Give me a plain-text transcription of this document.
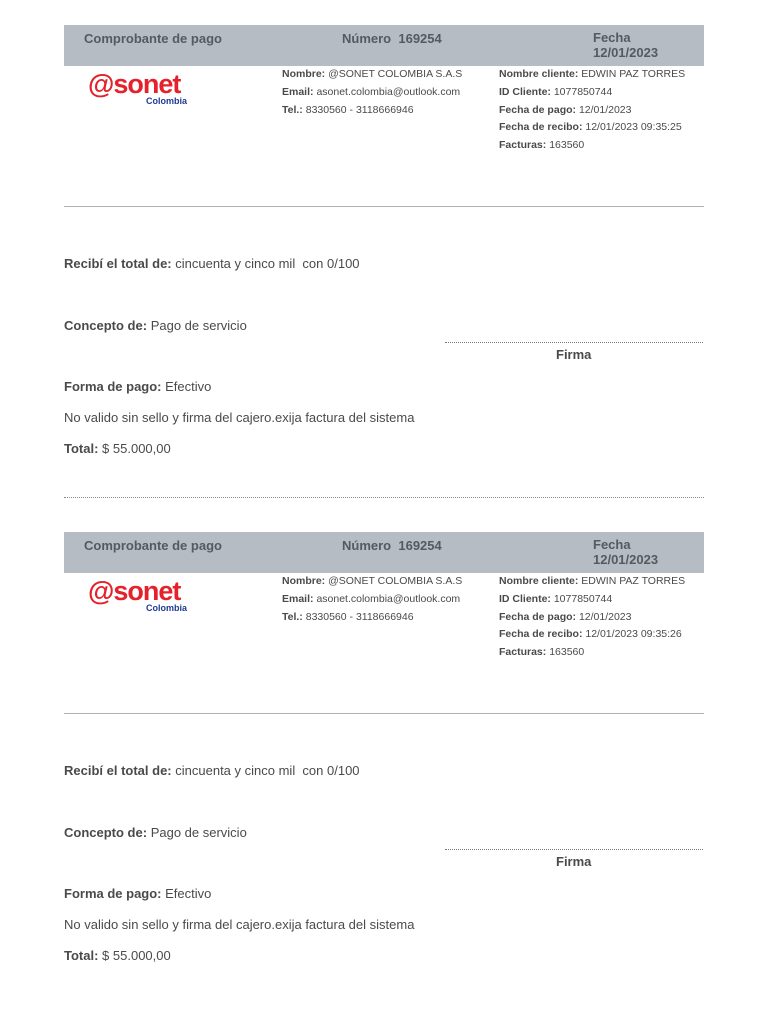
Comprobante de pago	Número 169254	Fecha
12/01/2023
@sonet
Colombia
Nombre: @SONET COLOMBIA S.A.S
Email: asonet.colombia@outlook.com
Tel.: 8330560 - 3118666946
Nombre cliente: EDWIN PAZ TORRES
ID Cliente: 1077850744
Fecha de pago: 12/01/2023
Fecha de recibo: 12/01/2023 09:35:25
Facturas: 163560

Recibí el total de: cincuenta y cinco mil  con 0/100

Concepto de: Pago de servicio

Forma de pago: Efectivo

Total: $ 55.000,00

Firma
No valido sin sello y firma del cajero.exija factura del sistema
Comprobante de pago	Número 169254	Fecha
12/01/2023
@sonet
Colombia
Nombre: @SONET COLOMBIA S.A.S
Email: asonet.colombia@outlook.com
Tel.: 8330560 - 3118666946
Nombre cliente: EDWIN PAZ TORRES
ID Cliente: 1077850744
Fecha de pago: 12/01/2023
Fecha de recibo: 12/01/2023 09:35:26
Facturas: 163560

Recibí el total de: cincuenta y cinco mil  con 0/100

Concepto de: Pago de servicio

Forma de pago: Efectivo

Total: $ 55.000,00

Firma
No valido sin sello y firma del cajero.exija factura del sistema
